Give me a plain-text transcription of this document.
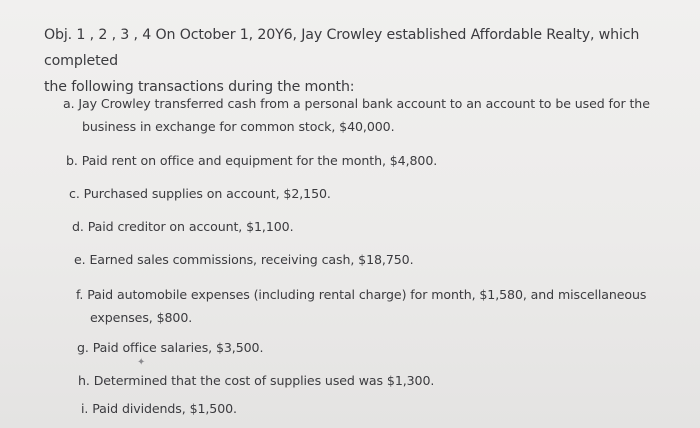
Obj. 1 , 2 , 3 , 4 On October 1, 20Y6, Jay Crowley established Affordable Realty, which completed
the following transactions during the month:
a. Jay Crowley transferred cash from a personal bank account to an account to be used for the
business in exchange for common stock, $40,000.
b. Paid rent on office and equipment for the month, $4,800.
c. Purchased supplies on account, $2,150.
d. Paid creditor on account, $1,100.
e. Earned sales commissions, receiving cash, $18,750.
f. Paid automobile expenses (including rental charge) for month, $1,580, and miscellaneous
expenses, $800.
g. Paid office salaries, $3,500.
h. Determined that the cost of supplies used was $1,300.
i. Paid dividends, $1,500.
✦
